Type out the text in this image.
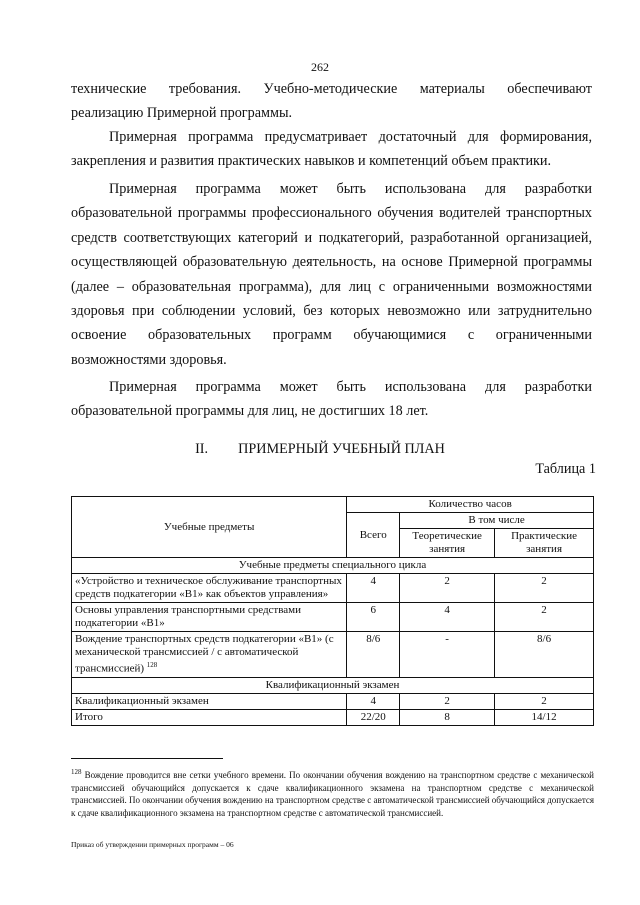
262

технические требования. Учебно-методические материалы обеспечивают реализацию Примерной программы.

Примерная программа предусматривает достаточный для формирования, закрепления и развития практических навыков и компетенций объем практики.

Примерная программа может быть использована для разработки образовательной программы профессионального обучения водителей транспортных средств соответствующих категорий и подкатегорий, разработанной организацией, осуществляющей образовательную деятельность, на основе Примерной программы (далее – образовательная программа), для лиц с ограниченными возможностями здоровья при соблюдении условий, без которых невозможно или затруднительно освоение образовательных программ обучающимися с ограниченными возможностями здоровья.

Примерная программа может быть использована для разработки образовательной программы для лиц, не достигших 18 лет.

II. ПРИМЕРНЫЙ УЧЕБНЫЙ ПЛАН
Таблица 1
Учебные предметы	Количество часов		
	Всего	В том числе	
		Теоретические занятия	Практические занятия
Учебные предметы специального цикла			
«Устройство и техническое обслуживание транспортных средств подкатегории «B1» как объектов управления»	4	2	2
Основы управления транспортными средствами подкатегории «B1»	6	4	2
Вождение транспортных средств подкатегории «B1» (с механической трансмиссией / с автоматической трансмиссией) $^{128}$	8/6	-	8/6
Квалификационный экзамен			
Квалификационный экзамен	4	2	2
Итого	22/20	8	14/12
$^{128}$ Вождение проводится вне сетки учебного времени. По окончании обучения вождению на транспортном средстве с механической трансмиссией обучающийся допускается к сдаче квалификационного экзамена на транспортном средстве с механической трансмиссией. По окончании обучения вождению на транспортном средстве с автоматической трансмиссией обучающийся допускается к сдаче квалификационного экзамена на транспортном средстве с автоматической трансмиссией.
Приказ об утверждении примерных программ – 06
